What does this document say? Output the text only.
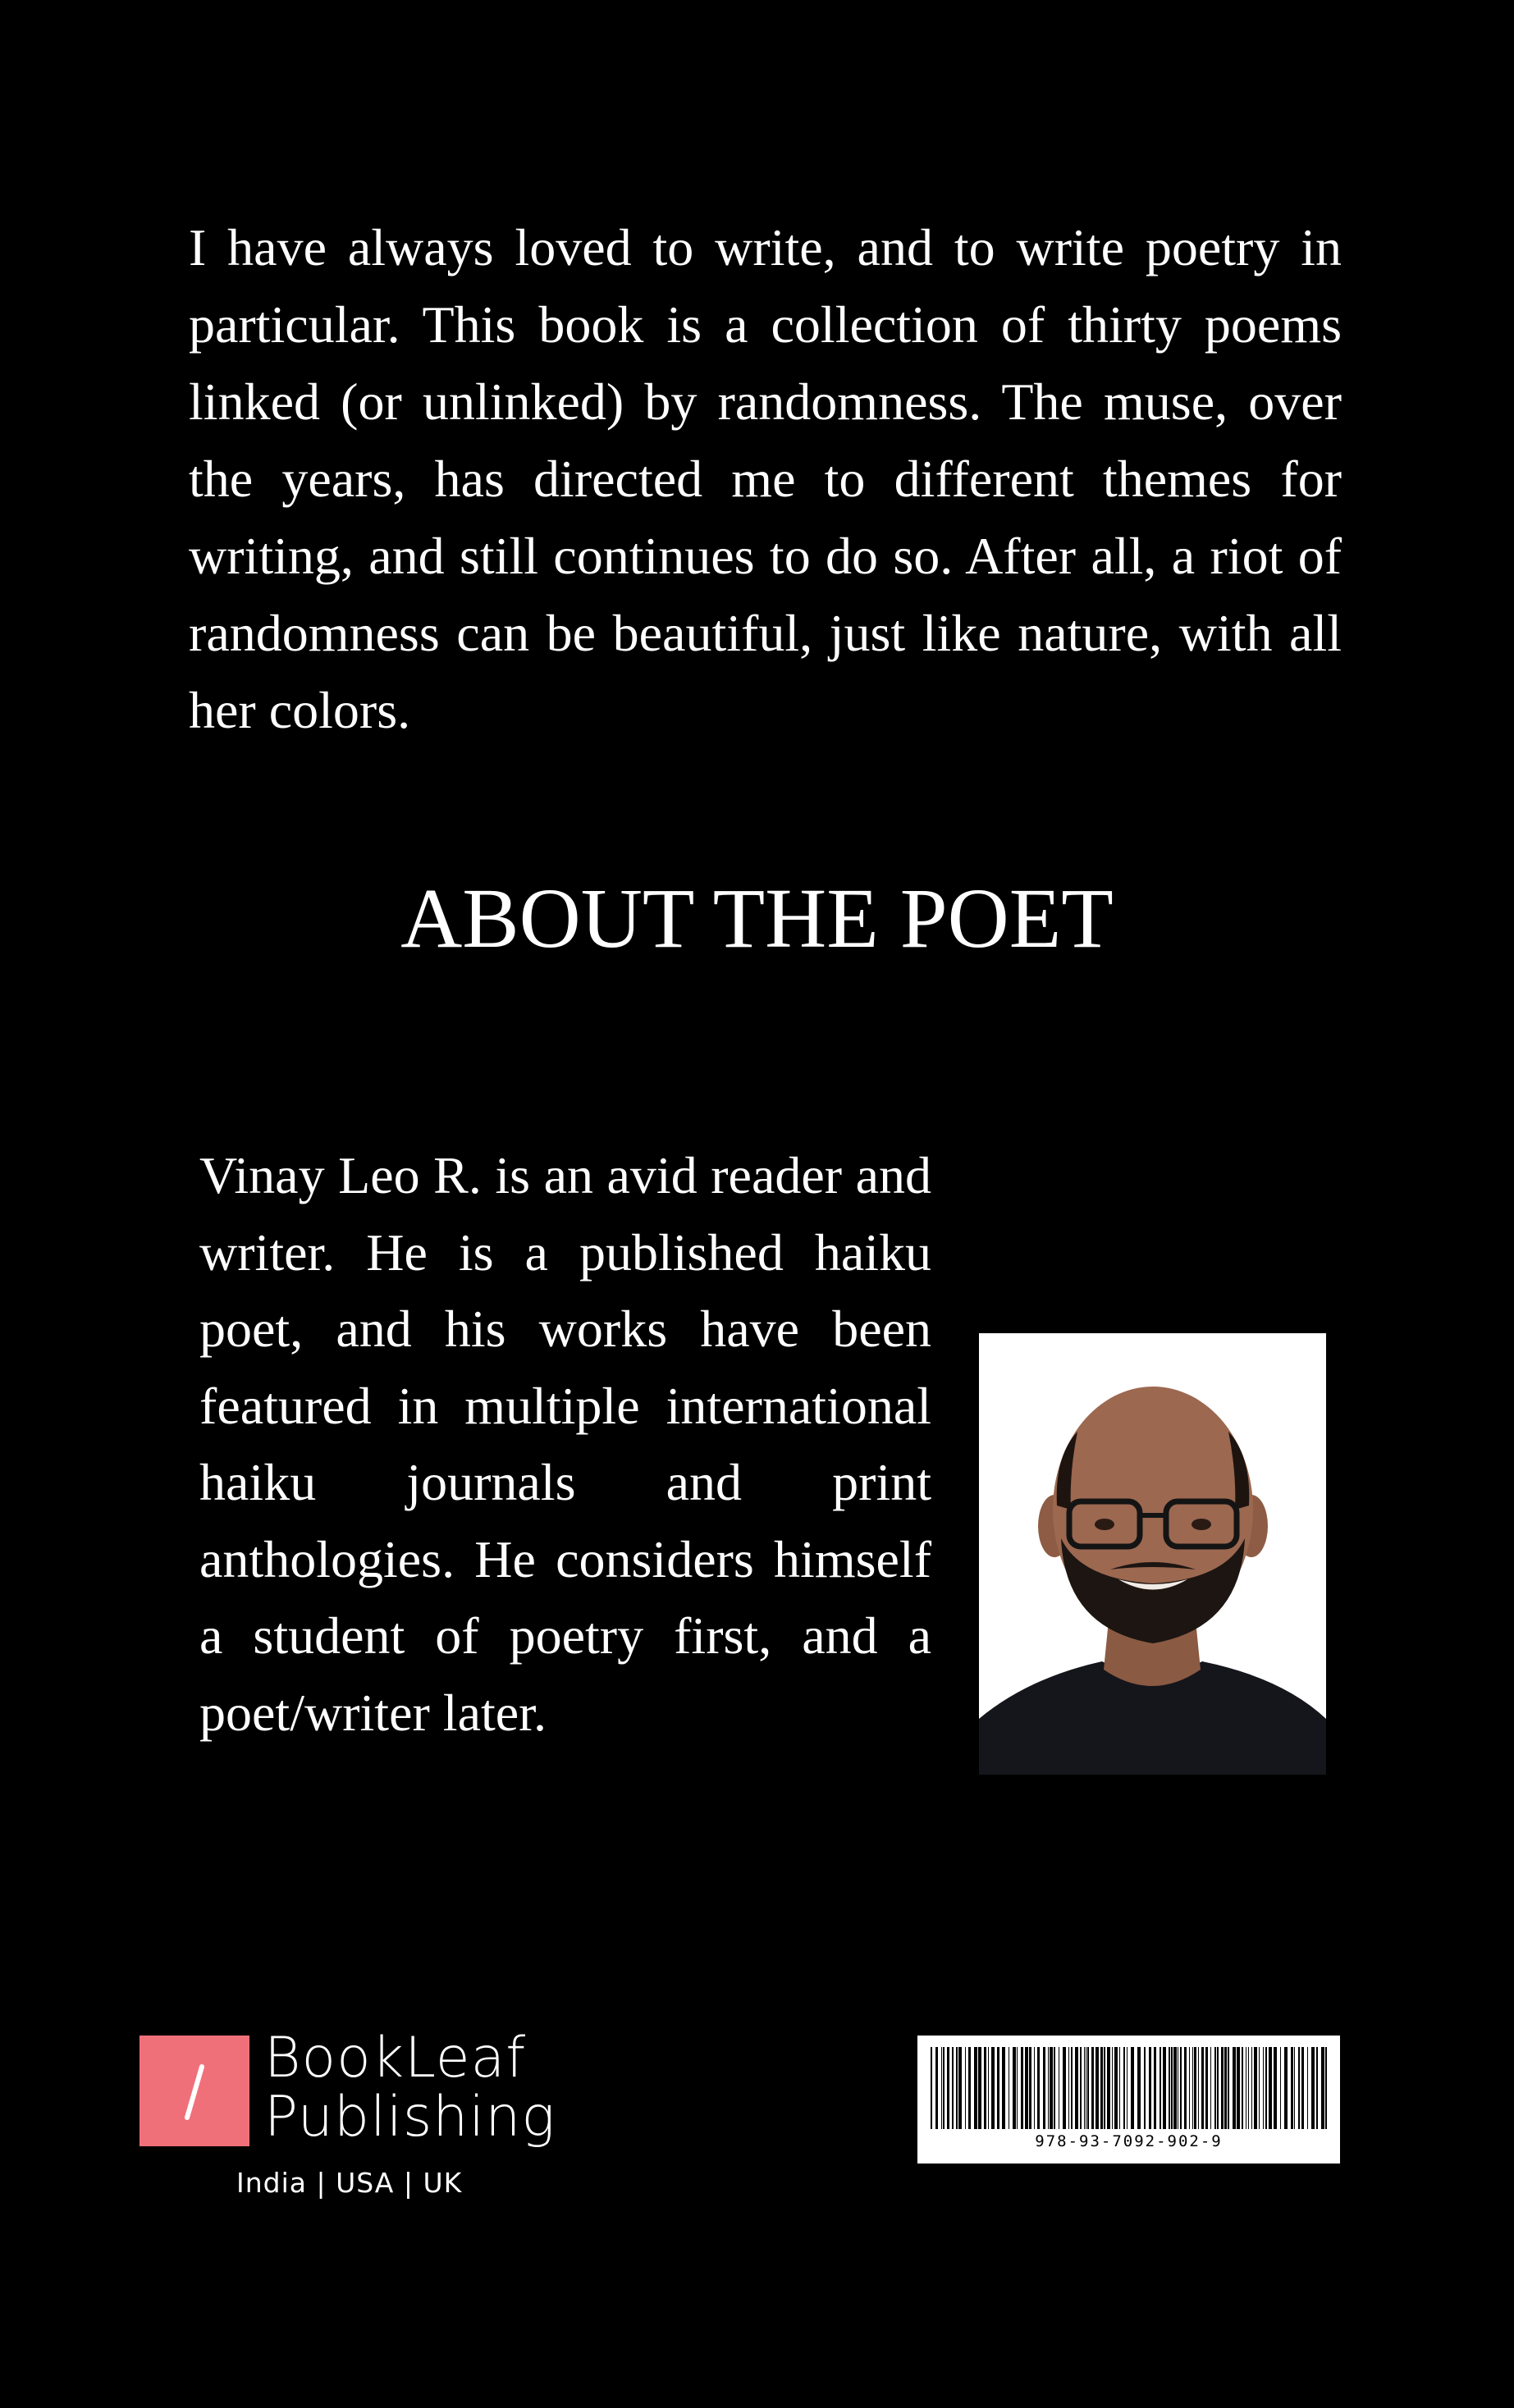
I have always loved to write, and to write poetry in particular. This book is a collection of thirty poems linked (or unlinked) by randomness. The muse, over the years, has directed me to different themes for writing, and still continues to do so. After all, a riot of randomness can be beautiful, just like nature, with all her colors.

ABOUT THE POET

Vinay Leo R. is an avid reader and writer. He is a published haiku poet, and his works have been featured in multiple international haiku journals and print anthologies. He considers himself a student of poetry first, and a poet/writer later.

BookLeaf
Publishing
India | USA | UK
978-93-7092-902-9
